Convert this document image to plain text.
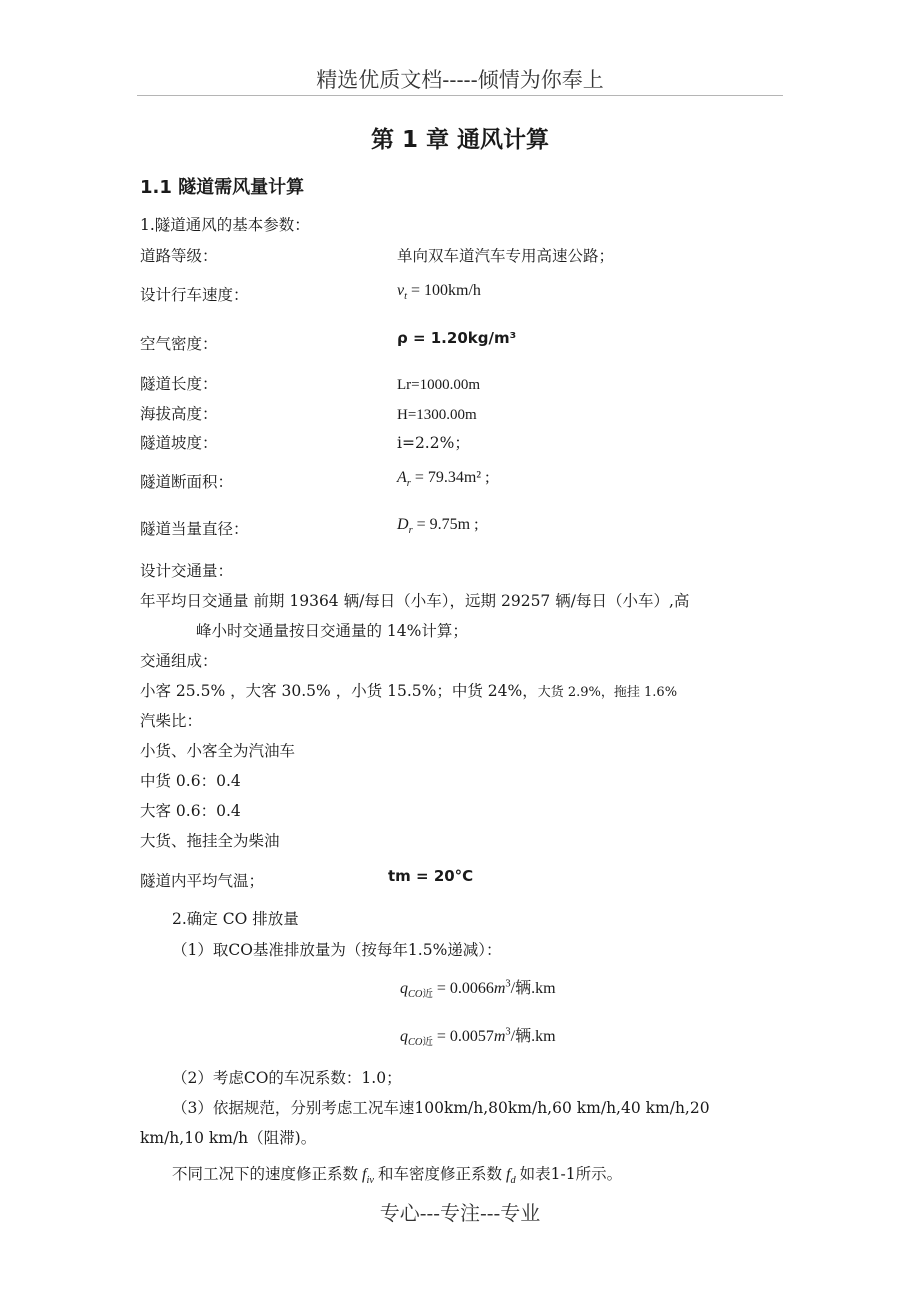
精选优质文档-----倾情为你奉上
第 1 章 通风计算
1.1 隧道需风量计算
1.隧道通风的基本参数：
道路等级：	单向双车道汽车专用高速公路；
设计行车速度：	$v_t = 100km/h$
空气密度：	ρ = 1.20kg/m³
隧道长度：	Lr=1000.00m
海拔高度：	H=1300.00m
隧道坡度：	i=2.2%；
隧道断面积：	$A_r = 79.34m^2$ ;
隧道当量直径：	$D_r = 9.75m$ ;
设计交通量：
年平均日交通量 前期 19364 辆/每日（小车），远期 29257 辆/每日（小车）,高
峰小时交通量按日交通量的 14%计算；
交通组成：
小客 25.5% ，大客 30.5% ，小货 15.5%；中货 24%，大货 2.9%，拖挂 1.6%
汽柴比：
小货、小客全为汽油车
中货 0.6：0.4
大客 0.6：0.4
大货、拖挂全为柴油
隧道内平均气温；	tm = 20°C
2.确定 CO 排放量
（1）取CO基准排放量为（按每年1.5%递减）：
$q_{CO近} = 0.0066m^3/$辆.km
$q_{CO近} = 0.0057m^3/$辆.km
（2）考虑CO的车况系数：1.0；
（3）依据规范，分别考虑工况车速100km/h,80km/h,60 km/h,40 km/h,20
km/h,10 km/h（阻滞)。
不同工况下的速度修正系数 $f_{iv}$ 和车密度修正系数 $f_d$ 如表1-1所示。
专心---专注---专业
